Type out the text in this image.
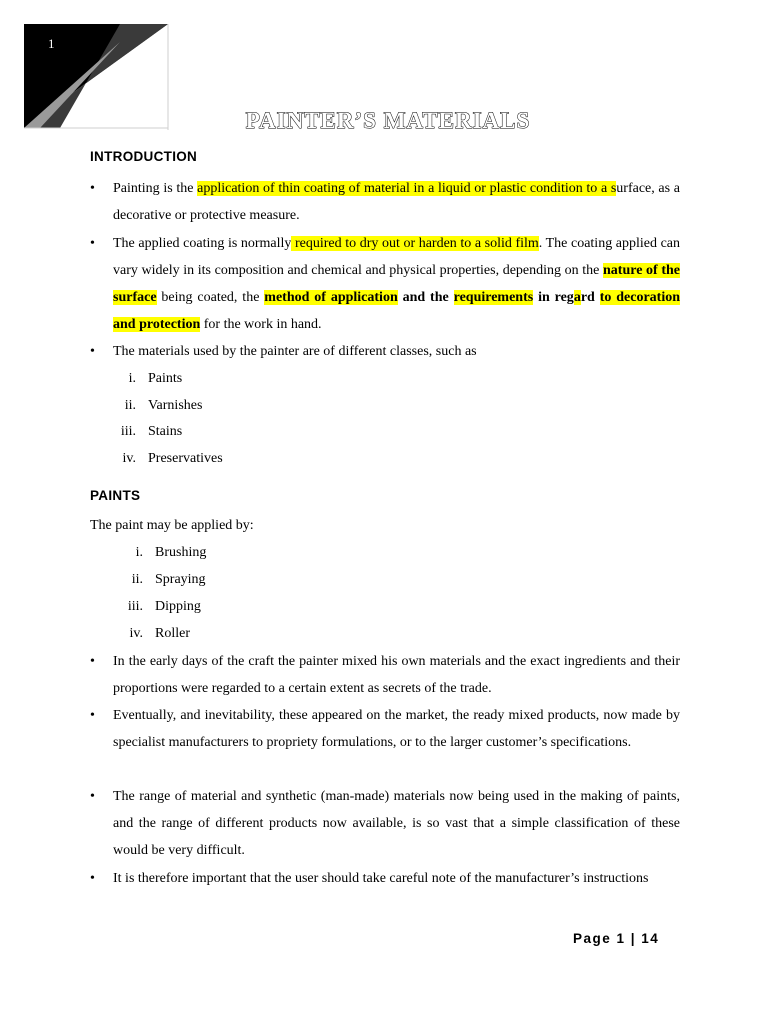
1
PAINTER’S MATERIALS
INTRODUCTION
•	Painting is the application of thin coating of material in a liquid or plastic condition to a surface, as a decorative or protective measure.
•	The applied coating is normally required to dry out or harden to a solid film. The coating applied can vary widely in its composition and chemical and physical properties, depending on the nature of the surface being coated, the method of application and the requirements in regard to decoration and protection for the work in hand.
•	The materials used by the painter are of different classes, such as
i. Paints
ii. Varnishes
iii. Stains
iv. Preservatives
PAINTS
The paint may be applied by:
i. Brushing
ii. Spraying
iii. Dipping
iv. Roller
•	In the early days of the craft the painter mixed his own materials and the exact ingredients and their proportions were regarded to a certain extent as secrets of the trade.
•	Eventually, and inevitability, these appeared on the market, the ready mixed products, now made by specialist manufacturers to propriety formulations, or to the larger customer’s specifications.
•	The range of material and synthetic (man-made) materials now being used in the making of paints, and the range of different products now available, is so vast that a simple classification of these would be very difficult.
•	It is therefore important that the user should take careful note of the manufacturer’s instructions
Page 1 | 14
